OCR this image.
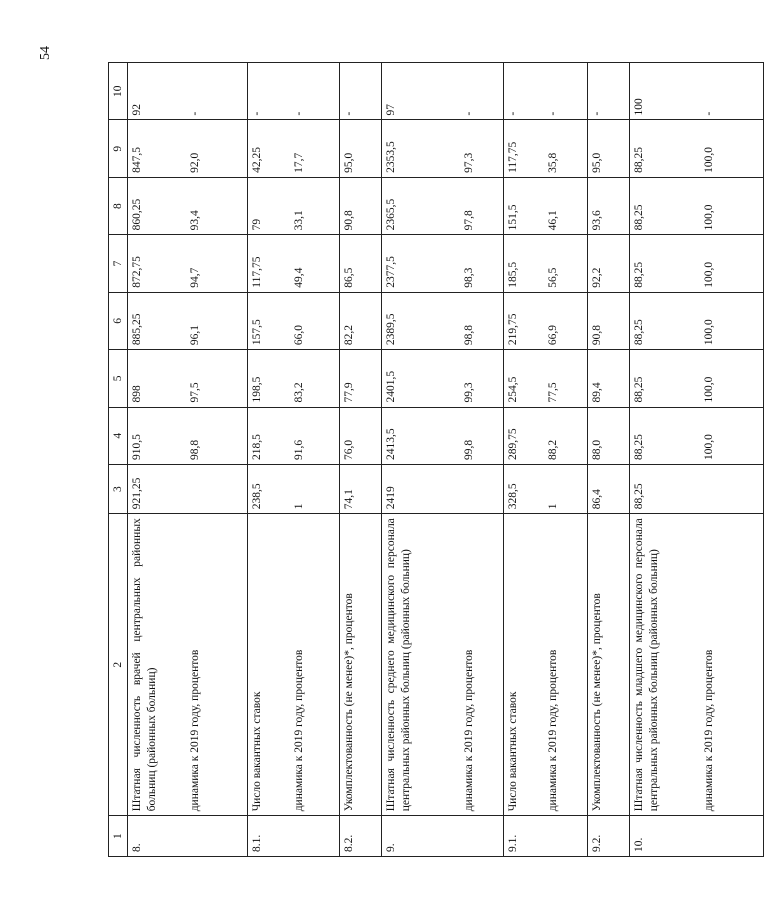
54
1	2	3	4	5	6	7	8	9	10
8.	Штатная численность врачей центральных районных больниц (районных больниц)	921,25	910,5	898	885,25	872,75	860,25	847,5	92
	динамика к 2019 году, процентов		98,8	97,5	96,1	94,7	93,4	92,0	-
8.1.	Число вакантных ставок	238,5	218,5	198,5	157,5	117,75	79	42,25	-
	динамика к 2019 году, процентов	1	91,6	83,2	66,0	49,4	33,1	17,7	-
8.2.	Укомплектованность (не менее)*, процентов	74,1	76,0	77,9	82,2	86,5	90,8	95,0	-
9.	Штатная численность среднего медицинского персонала центральных районных больниц (районных больниц)	2419	2413,5	2401,5	2389,5	2377,5	2365,5	2353,5	97
	динамика к 2019 году, процентов		99,8	99,3	98,8	98,3	97,8	97,3	-
9.1.	Число вакантных ставок	328,5	289,75	254,5	219,75	185,5	151,5	117,75	-
	динамика к 2019 году, процентов	1	88,2	77,5	66,9	56,5	46,1	35,8	-
9.2.	Укомплектованность (не менее)*, процентов	86,4	88,0	89,4	90,8	92,2	93,6	95,0	-
10.	Штатная численность младшего медицинского персонала центральных районных больниц (районных больниц)	88,25	88,25	88,25	88,25	88,25	88,25	88,25	100
	динамика к 2019 году, процентов		100,0	100,0	100,0	100,0	100,0	100,0	-
